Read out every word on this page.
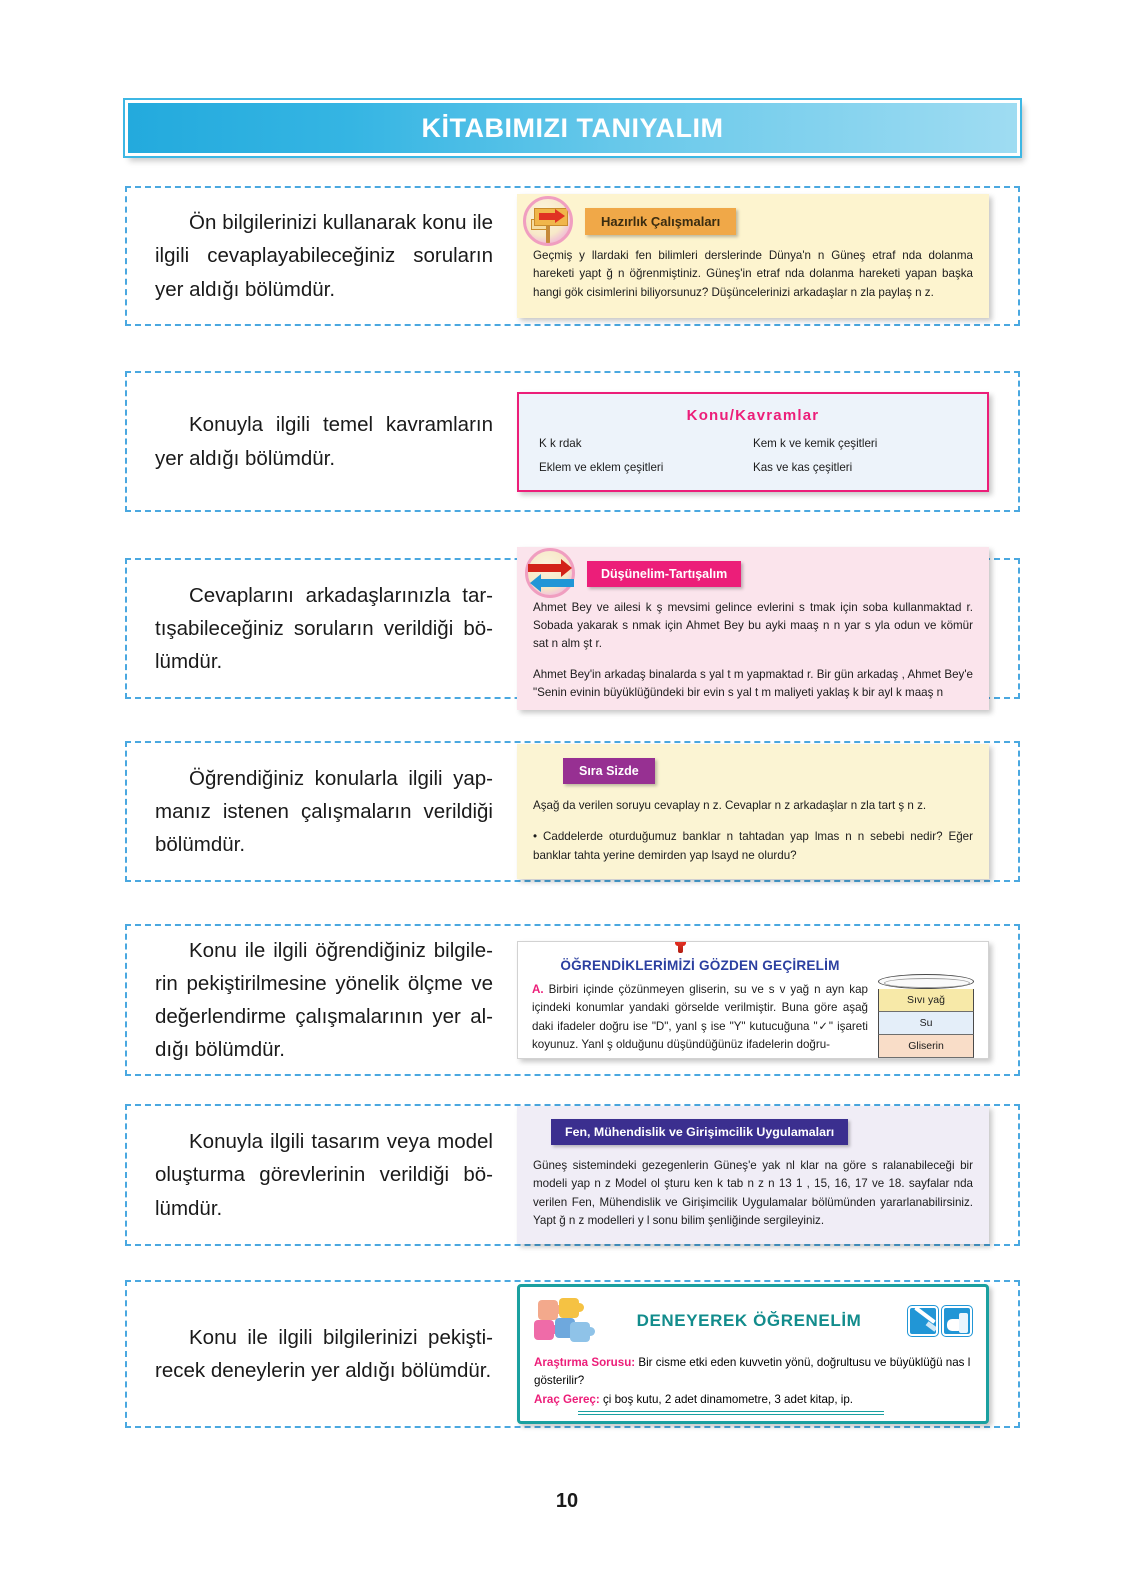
KİTABIMIZI TANIYALIM

Ön bilgilerinizi kullanarak konu ile ilgili cevaplayabileceğiniz soruların yer aldığı bölümdür.

Hazırlık Çalışmaları
Geçmiş y llardaki fen bilimleri derslerinde Dünya'n n Güneş etraf nda dolanma hareketi yapt ğ n öğrenmiştiniz. Güneş'in etraf nda dolanma hareketi yapan başka hangi gök cisimlerini biliyorsunuz? Düşüncelerinizi arkadaşlar n zla paylaş n z.

Konuyla ilgili temel kavramların yer aldığı bölümdür.

Konu/Kavramlar
K k rdak	Kem k ve kemik çeşitleri
Eklem ve eklem çeşitleri	Kas ve kas çeşitleri

Cevaplarını arkadaşlarınızla tar-tışabileceğiniz soruların verildiği bö-lümdür.

Düşünelim-Tartışalım
Ahmet Bey ve ailesi k ş mevsimi gelince evlerini s tmak için soba kullanmaktad r. Sobada yakarak s nmak için Ahmet Bey bu ayki maaş n n yar s yla odun ve kömür sat n alm şt r.
Ahmet Bey'in arkadaş binalarda s yal t m yapmaktad r. Bir gün arkadaş , Ahmet Bey'e "Senin evinin büyüklüğündeki bir evin s yal t m maliyeti yaklaş k bir ayl k maaş n

Öğrendiğiniz konularla ilgili yap-manız istenen çalışmaların verildiği bölümdür.

Sıra Sizde
Aşağ da verilen soruyu cevaplay n z. Cevaplar n z arkadaşlar n zla tart ş n z.
• Caddelerde oturduğumuz banklar n tahtadan yap lmas n n sebebi nedir? Eğer banklar tahta yerine demirden yap lsayd ne olurdu?

Konu ile ilgili öğrendiğiniz bilgile-rin pekiştirilmesine yönelik ölçme ve değerlendirme çalışmalarının yer al-dığı bölümdür.

ÖĞRENDİKLERİMİZİ GÖZDEN GEÇİRELİM
A. Birbiri içinde çözünmeyen gliserin, su ve s v yağ n ayn kap içindeki konumlar yandaki görselde verilmiştir. Buna göre aşağ daki ifadeler doğru ise "D", yanl ş ise "Y" kutucuğuna "✓" işareti koyunuz. Yanl ş olduğunu düşündüğünüz ifadelerin doğru-
Sıvı yağ
Su
Gliserin

Konuyla ilgili tasarım veya model oluşturma görevlerinin verildiği bö-lümdür.

Fen, Mühendislik ve Girişimcilik Uygulamaları
Güneş sistemindeki gezegenlerin Güneş'e yak nl klar na göre s ralanabileceği bir modeli yap n z Model ol şturu ken k tab n z n 13 1 , 15, 16, 17 ve 18. sayfalar nda verilen Fen, Mühendislik ve Girişimcilik Uygulamalar bölümünden yararlanabilirsiniz. Yapt ğ n z modelleri y l sonu bilim şenliğinde sergileyiniz.

Konu ile ilgili bilgilerinizi pekişti-recek deneylerin yer aldığı bölümdür.

DENEYEREK ÖĞRENELİM
Araştırma Sorusu: Bir cisme etki eden kuvvetin yönü, doğrultusu ve büyüklüğü nas l gösterilir?
Araç Gereç: çi boş kutu, 2 adet dinamometre, 3 adet kitap, ip.
10
